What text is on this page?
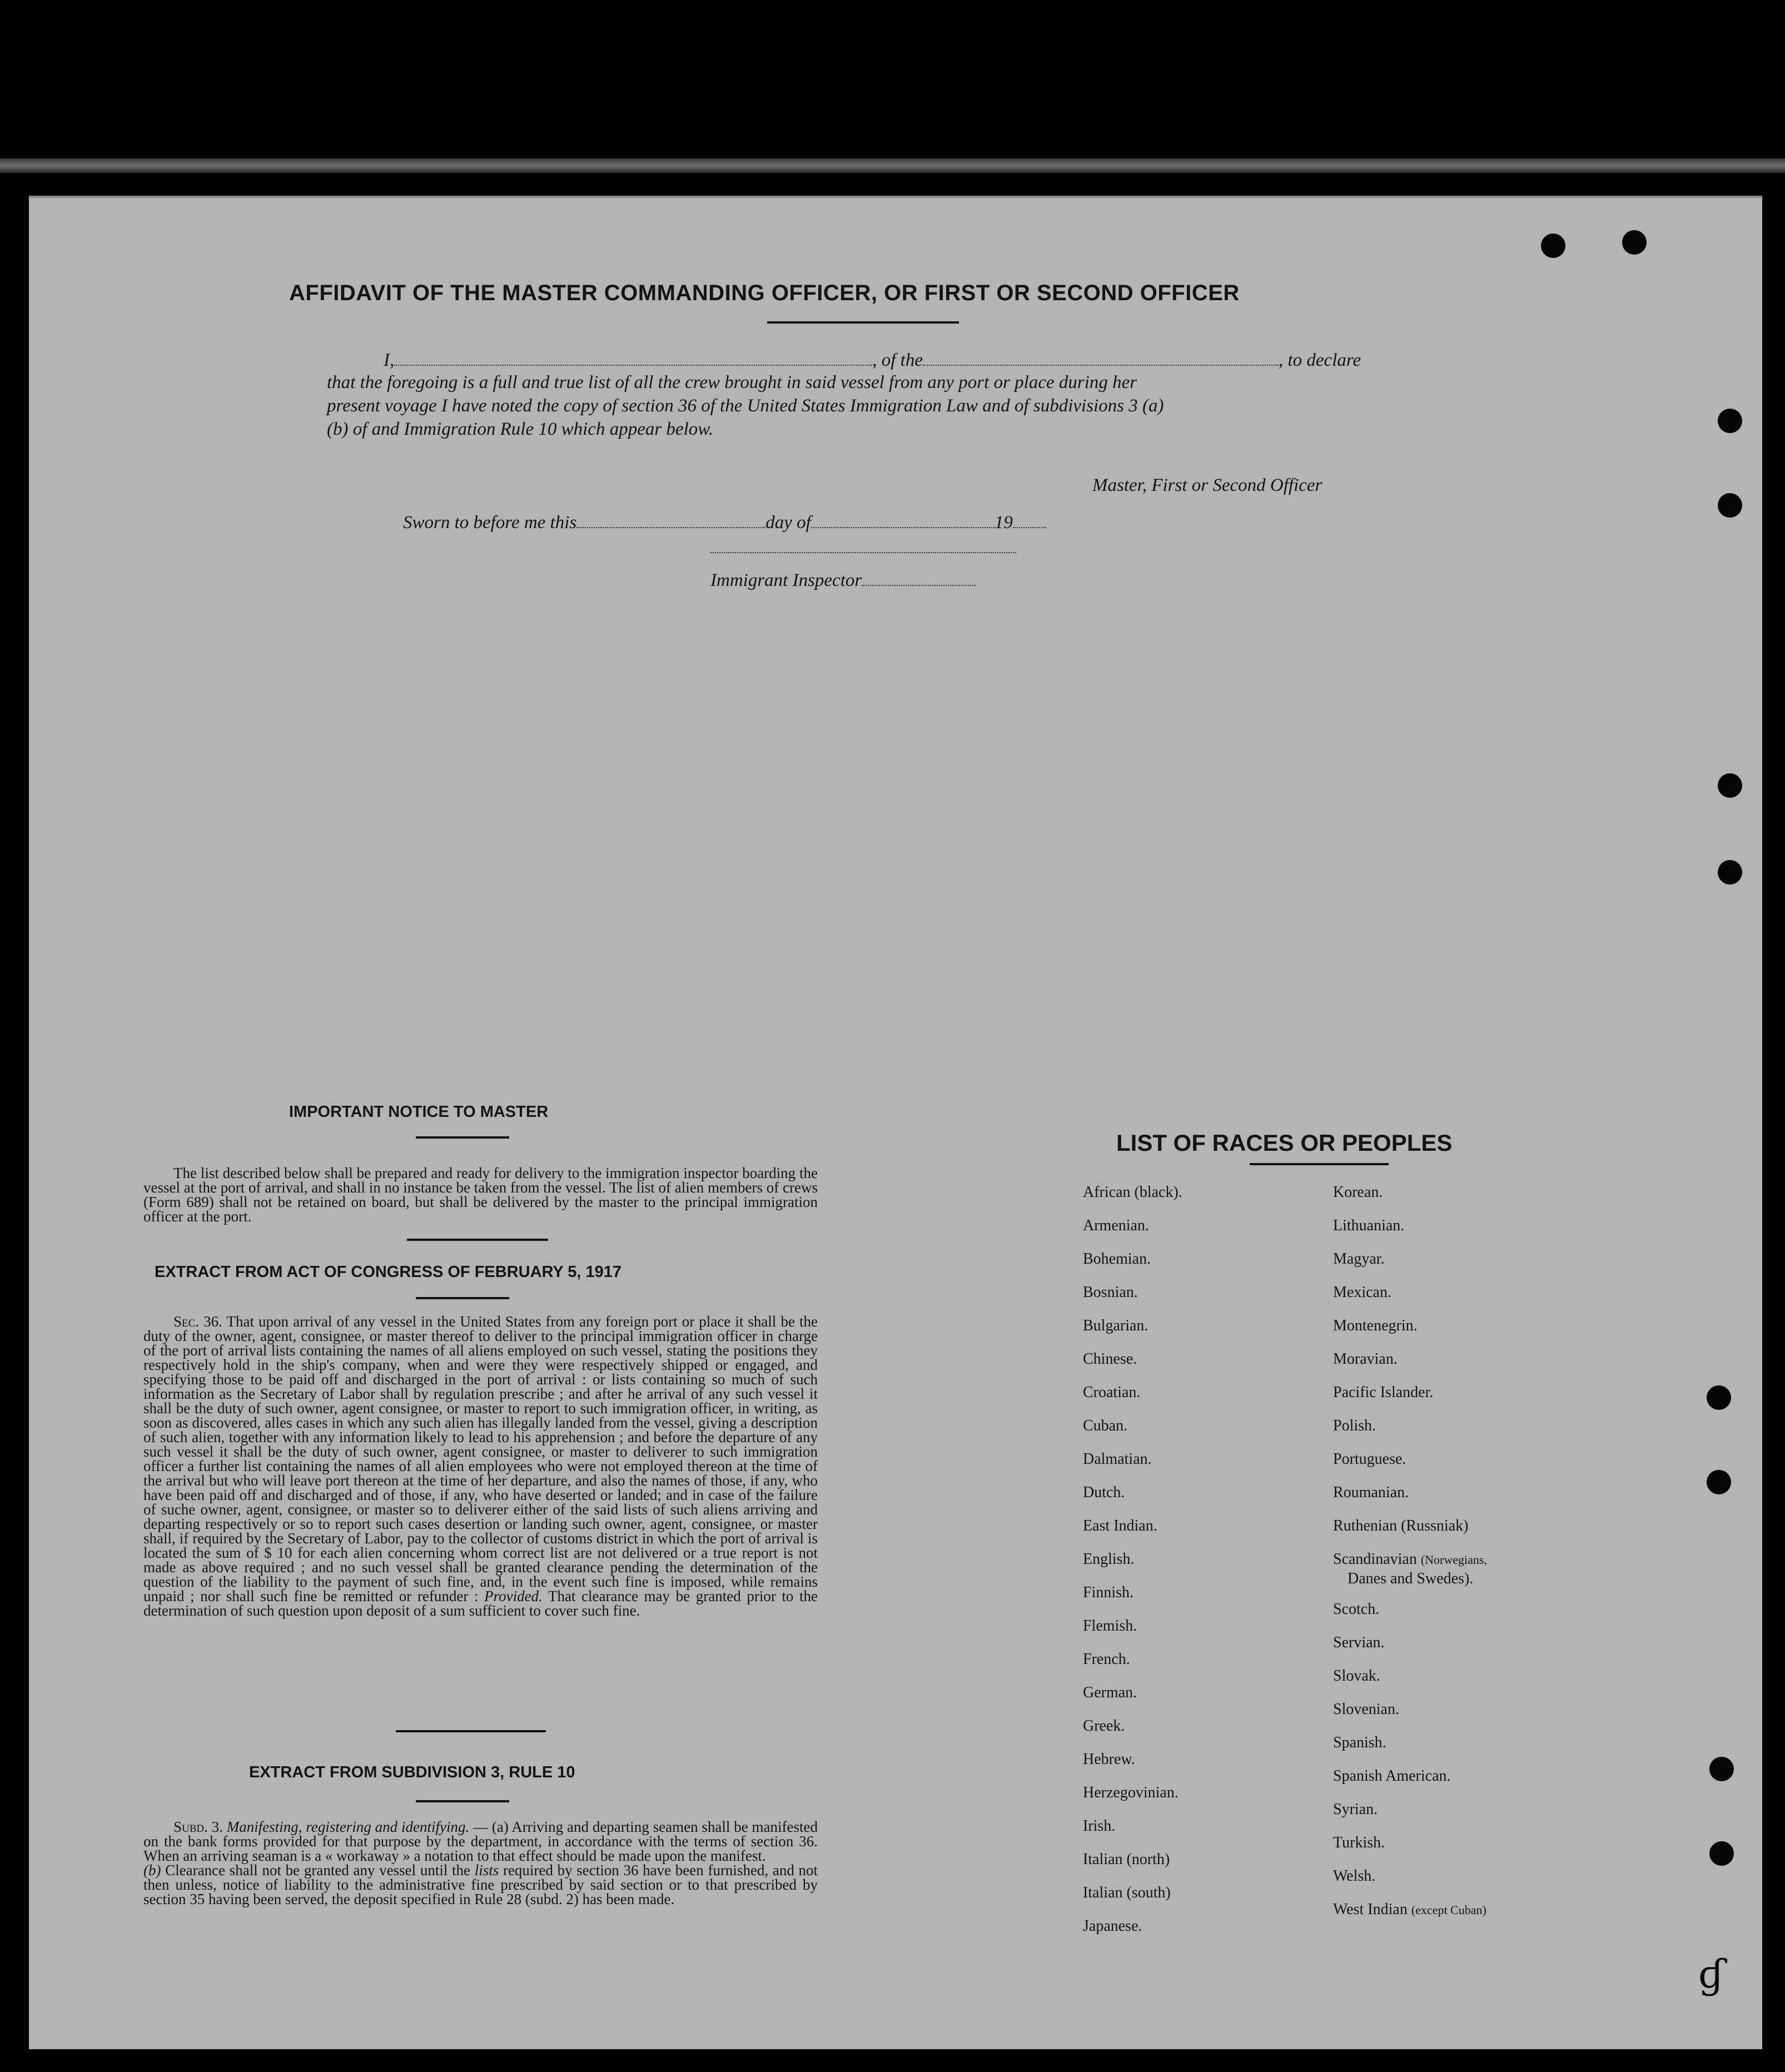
ɠ
AFFIDAVIT OF THE MASTER COMMANDING OFFICER, OR FIRST OR SECOND OFFICER
I,	, of the	, to declare
that the foregoing is a full and true list of all the crew brought in said vessel from any port or place during her
present voyage I have noted the copy of section 36 of the United States Immigration Law and of subdivisions 3 (a)
(b) of and Immigration Rule 10 which appear below.
Master, First or Second Officer
Sworn to before me this	day of	19
Immigrant Inspector
IMPORTANT NOTICE TO MASTER
The list described below shall be prepared and ready for delivery to the immigration inspector boarding the vessel at the port of arrival, and shall in no instance be taken from the vessel. The list of alien members of crews (Form 689) shall not be retained on board, but shall be delivered by the master to the principal immigration officer at the port.
EXTRACT FROM ACT OF CONGRESS OF FEBRUARY 5, 1917
Sec. 36. That upon arrival of any vessel in the United States from any foreign port or place it shall be the duty of the owner, agent, consignee, or master thereof to deliver to the principal immigration officer in charge of the port of arrival lists containing the names of all aliens employed on such vessel, stating the positions they respectively hold in the ship's company, when and were they were respectively shipped or engaged, and specifying those to be paid off and discharged in the port of arrival : or lists containing so much of such information as the Secretary of Labor shall by regulation prescribe ; and after he arrival of any such vessel it shall be the duty of such owner, agent consignee, or master to report to such immigration officer, in writing, as soon as discovered, alles cases in which any such alien has illegally landed from the vessel, giving a description of such alien, together with any information likely to lead to his apprehension ; and before the departure of any such vessel it shall be the duty of such owner, agent consignee, or master to deliverer to such immigration officer a further list containing the names of all alien employees who were not employed thereon at the time of the arrival but who will leave port thereon at the time of her departure, and also the names of those, if any, who have been paid off and discharged and of those, if any, who have deserted or landed; and in case of the failure of suche owner, agent, consignee, or master so to deliverer either of the said lists of such aliens arriving and departing respectively or so to report such cases desertion or landing such owner, agent, consignee, or master shall, if required by the Secretary of Labor, pay to the collector of customs district in which the port of arrival is located the sum of $ 10 for each alien concerning whom correct list are not delivered or a true report is not made as above required ; and no such vessel shall be granted clearance pending the determination of the question of the liability to the payment of such fine, and, in the event such fine is imposed, while remains unpaid ; nor shall such fine be remitted or refunder : Provided. That clearance may be granted prior to the determination of such question upon deposit of a sum sufficient to cover such fine.
EXTRACT FROM SUBDIVISION 3, RULE 10
Subd. 3. Manifesting, registering and identifying. — (a) Arriving and departing seamen shall be manifested on the bank forms provided for that purpose by the department, in accordance with the terms of section 36. When an arriving seaman is a « workaway » a notation to that effect should be made upon the manifest.
(b) Clearance shall not be granted any vessel until the lists required by section 36 have been furnished, and not then unless, notice of liability to the administrative fine prescribed by said section or to that prescribed by section 35 having been served, the deposit specified in Rule 28 (subd. 2) has been made.
LIST OF RACES OR PEOPLES
African (black).
Armenian.
Bohemian.
Bosnian.
Bulgarian.
Chinese.
Croatian.
Cuban.
Dalmatian.
Dutch.
East Indian.
English.
Finnish.
Flemish.
French.
German.
Greek.
Hebrew.
Herzegovinian.
Irish.
Italian (north)
Italian (south)
Japanese.
Korean.
Lithuanian.
Magyar.
Mexican.
Montenegrin.
Moravian.
Pacific Islander.
Polish.
Portuguese.
Roumanian.
Ruthenian (Russniak)
Scandinavian (Norwegians,
Danes and Swedes).
Scotch.
Servian.
Slovak.
Slovenian.
Spanish.
Spanish American.
Syrian.
Turkish.
Welsh.
West Indian (except Cuban)
